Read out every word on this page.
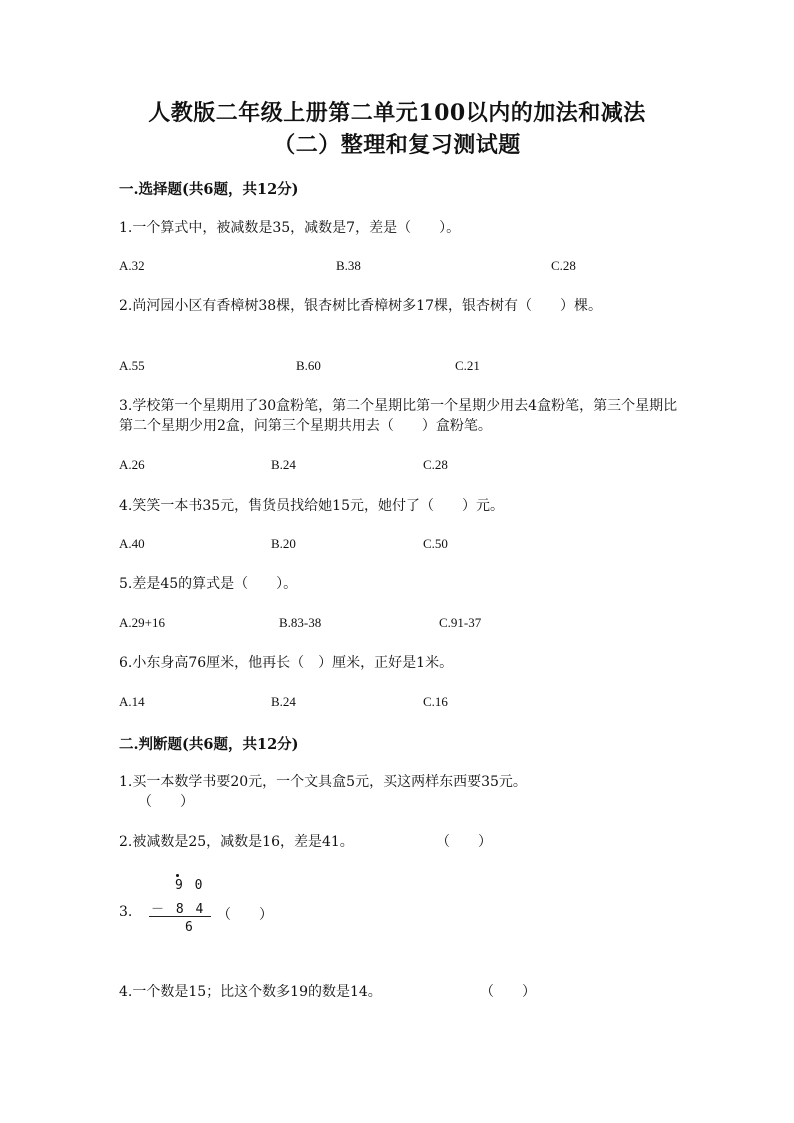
人教版二年级上册第二单元100以内的加法和减法
（二）整理和复习测试题
一.选择题(共6题，共12分)
1.一个算式中，被减数是35，减数是7，差是（　　）。
A.32	B.38	C.28
2.尚河园小区有香樟树38棵，银杏树比香樟树多17棵，银杏树有（　　）棵。
A.55	B.60	C.21
3.学校第一个星期用了30盒粉笔，第二个星期比第一个星期少用去4盒粉笔，第三个星期比第二个星期少用2盒，问第三个星期共用去（　　）盒粉笔。
A.26	B.24	C.28
4.笑笑一本书35元，售货员找给她15元，她付了（　　）元。
A.40	B.20	C.50
5.差是45的算式是（　　）。
A.29+16	B.83-38	C.91-37
6.小东身高76厘米，他再长（　）厘米，正好是1米。
A.14	B.24	C.16
二.判断题(共6题，共12分)
1.买一本数学书要20元，一个文具盒5元，买这两样东西要35元。
（　　）
2.被减数是25，减数是16，差是41。	（　　）
9 0
3. － 8 4
6
（　　）
4.一个数是15；比这个数多19的数是14。	（　　）
